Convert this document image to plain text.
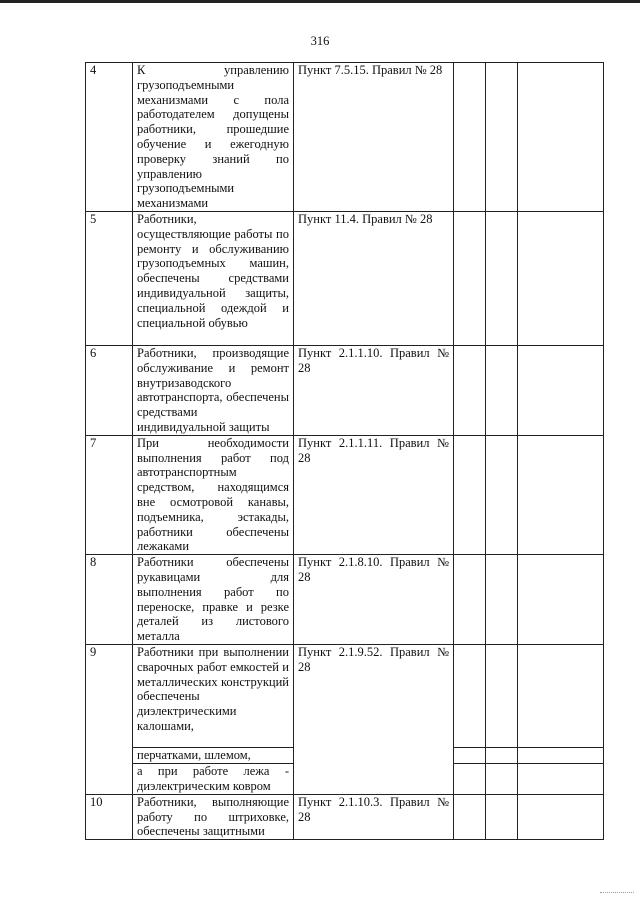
316
4	К управлению грузоподъемными механизмами с пола работодателем допущены работники, прошедшие обучение и ежегодную проверку знаний по управлению грузоподъемными механизмами	Пункт 7.5.15. Правил № 28			
5	Работники, осуществляющие работы по ремонту и обслуживанию грузоподъемных машин, обеспечены средствами индивидуальной защиты, специальной одеждой и специальной обувью	Пункт 11.4. Правил № 28			
6	Работники, производящие обслуживание и ремонт внутризаводского автотранспорта, обеспечены средствами индивидуальной защиты	Пункт 2.1.1.10. Правил № 28			
7	При необходимости выполнения работ под автотранспортным средством, находящимся вне осмотровой канавы, подъемника, эстакады, работники обеспечены лежаками	Пункт 2.1.1.11. Правил № 28			
8	Работники обеспечены рукавицами для выполнения работ по переноске, правке и резке деталей из листового металла	Пункт 2.1.8.10. Правил № 28			
9	Работники при выполнении сварочных работ емкостей и металлических конструкций обеспечены диэлектрическими калошами,	Пункт 2.1.9.52. Правил № 28			
	перчатками, шлемом,				
	а при работе лежа - диэлектрическим ковром				
10	Работники, выполняющие работу по штриховке, обеспечены защитными	Пункт 2.1.10.3. Правил № 28			
